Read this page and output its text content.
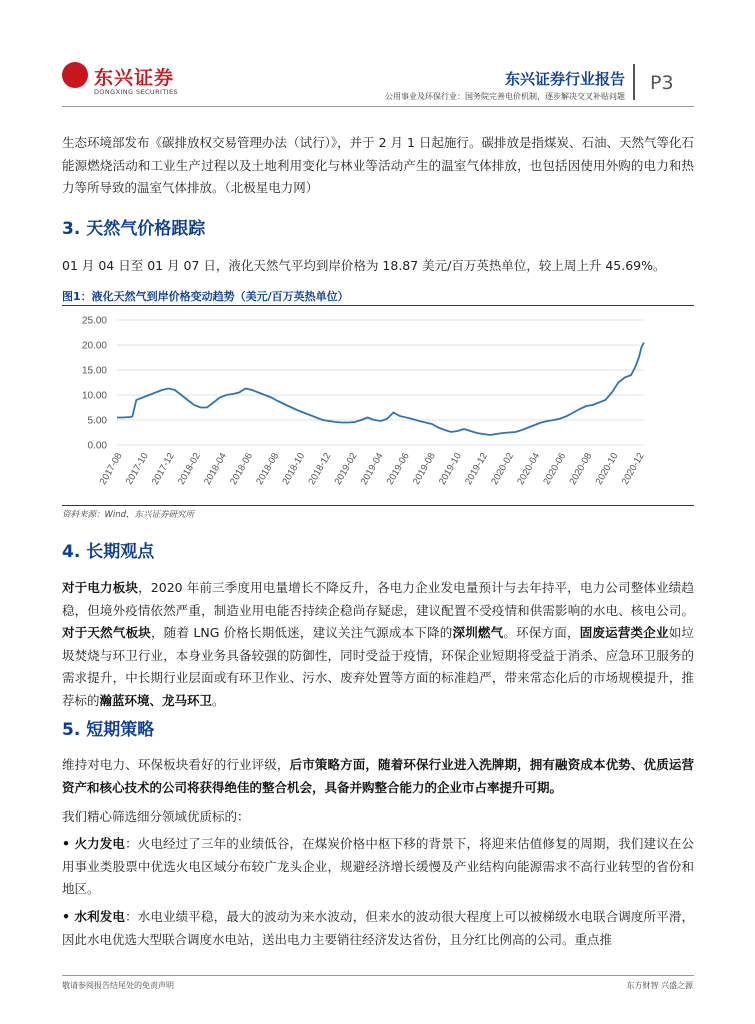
东兴证券
DONGXING SECURITIES
东兴证券行业报告
公用事业及环保行业：国务院完善电价机制，逐步解决交叉补贴问题
P3
生态环境部发布《碳排放权交易管理办法（试行）》，并于 2 月 1 日起施行。碳排放是指煤炭、石油、天然气等化石能源燃烧活动和工业生产过程以及土地利用变化与林业等活动产生的温室气体排放，也包括因使用外购的电力和热力等所导致的温室气体排放。（北极星电力网）
3. 天然气价格跟踪
01 月 04 日至 01 月 07 日，液化天然气平均到岸价格为 18.87 美元/百万英热单位，较上周上升 45.69%。
图1：液化天然气到岸价格变动趋势（美元/百万英热单位）
0.00
5.00
10.00
15.00
20.00
25.00
2017-08 2017-10 2017-12 2018-02 2018-04 2018-06 2018-08 2018-10 2018-12 2019-02 2019-04 2019-06 2019-08 2019-10 2019-12 2020-02 2020-04 2020-06 2020-08 2020-10 2020-12
资料来源：Wind，东兴证券研究所
4. 长期观点
对于电力板块，2020 年前三季度用电量增长不降反升，各电力企业发电量预计与去年持平，电力公司整体业绩趋稳，但境外疫情依然严重，制造业用电能否持续企稳尚存疑虑，建议配置不受疫情和供需影响的水电、核电公司。对于天然气板块，随着 LNG 价格长期低迷，建议关注气源成本下降的深圳燃气。环保方面，固废运营类企业如垃圾焚烧与环卫行业，本身业务具备较强的防御性，同时受益于疫情，环保企业短期将受益于消杀、应急环卫服务的需求提升，中长期行业层面或有环卫作业、污水、废弃处置等方面的标准趋严，带来常态化后的市场规模提升，推荐标的瀚蓝环境、龙马环卫。
5. 短期策略
维持对电力、环保板块看好的行业评级，后市策略方面，随着环保行业进入洗牌期，拥有融资成本优势、优质运营资产和核心技术的公司将获得绝佳的整合机会，具备并购整合能力的企业市占率提升可期。
我们精心筛选细分领域优质标的：
• 火力发电：火电经过了三年的业绩低谷，在煤炭价格中枢下移的背景下，将迎来估值修复的周期，我们建议在公用事业类股票中优选火电区域分布较广龙头企业，规避经济增长缓慢及产业结构向能源需求不高行业转型的省份和地区。
• 水利发电：水电业绩平稳，最大的波动为来水波动，但来水的波动很大程度上可以被梯级水电联合调度所平滑，因此水电优选大型联合调度水电站，送出电力主要销往经济发达省份，且分红比例高的公司。重点推
敬请参阅报告结尾处的免责声明	东方财智 兴盛之源
